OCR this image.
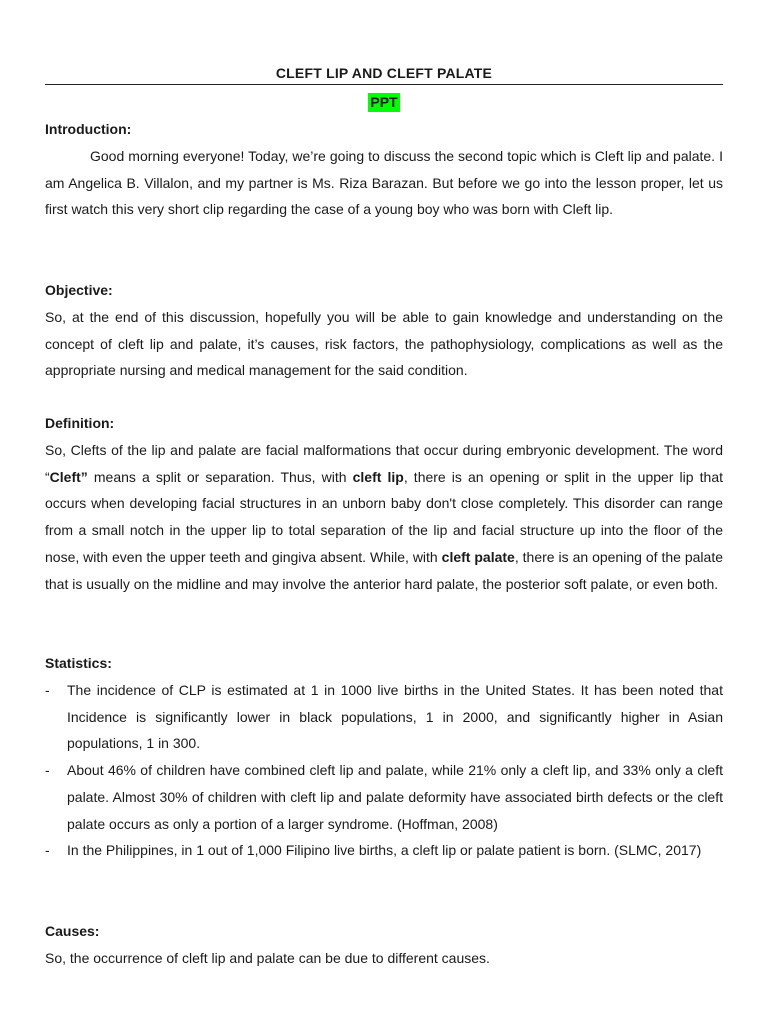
CLEFT LIP AND CLEFT PALATE
PPT
Introduction:

Good morning everyone! Today, we’re going to discuss the second topic which is Cleft lip and palate. I am Angelica B. Villalon, and my partner is Ms. Riza Barazan. But before we go into the lesson proper, let us first watch this very short clip regarding the case of a young boy who was born with Cleft lip.

Objective:

So, at the end of this discussion, hopefully you will be able to gain knowledge and understanding on the concept of cleft lip and palate, it’s causes, risk factors, the pathophysiology, complications as well as the appropriate nursing and medical management for the said condition.

Definition:

So, Clefts of the lip and palate are facial malformations that occur during embryonic development. The word “Cleft” means a split or separation. Thus, with cleft lip, there is an opening or split in the upper lip that occurs when developing facial structures in an unborn baby don't close completely. This disorder can range from a small notch in the upper lip to total separation of the lip and facial structure up into the floor of the nose, with even the upper teeth and gingiva absent. While, with cleft palate, there is an opening of the palate that is usually on the midline and may involve the anterior hard palate, the posterior soft palate, or even both.

Statistics:
- The incidence of CLP is estimated at 1 in 1000 live births in the United States. It has been noted that Incidence is significantly lower in black populations, 1 in 2000, and significantly higher in Asian populations, 1 in 300.
- About 46% of children have combined cleft lip and palate, while 21% only a cleft lip, and 33% only a cleft palate. Almost 30% of children with cleft lip and palate deformity have associated birth defects or the cleft palate occurs as only a portion of a larger syndrome. (Hoffman, 2008)
- In the Philippines, in 1 out of 1,000 Filipino live births, a cleft lip or palate patient is born. (SLMC, 2017)
Causes:

So, the occurrence of cleft lip and palate can be due to different causes.
